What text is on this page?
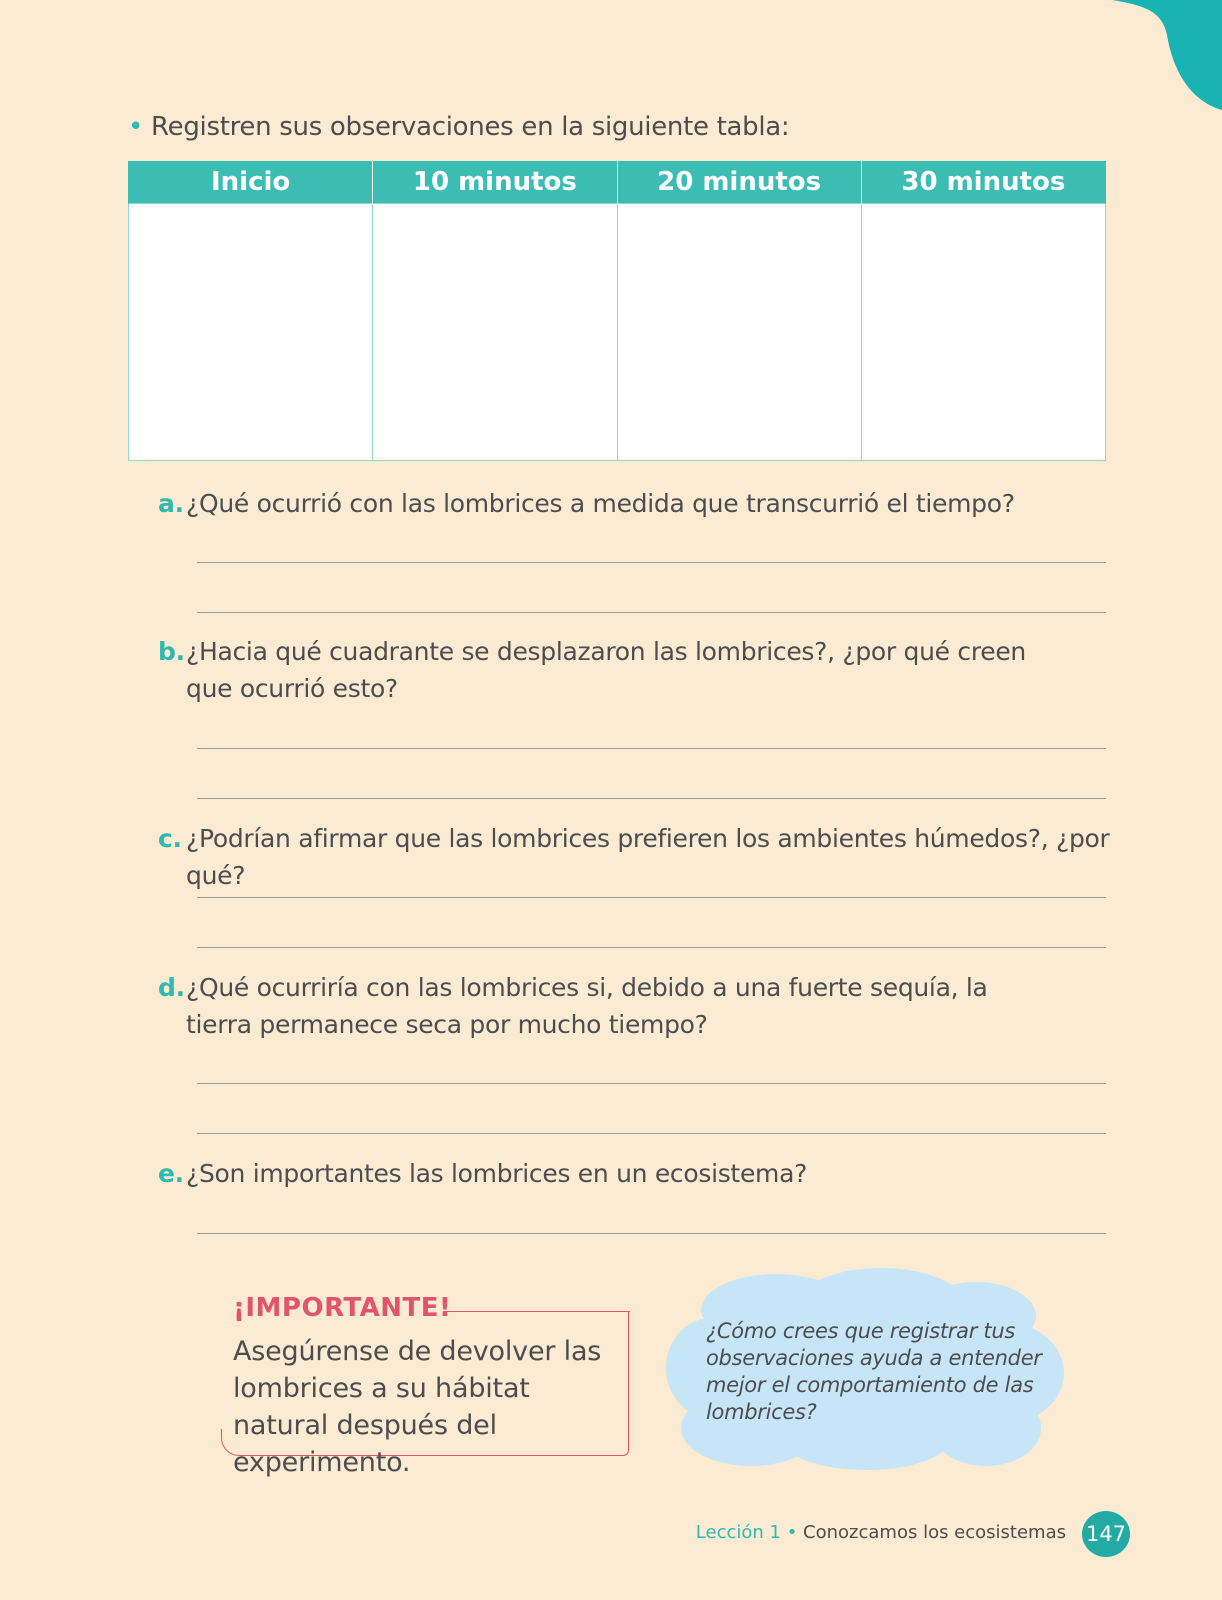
• Registren sus observaciones en la siguiente tabla:
Inicio	10 minutos	20 minutos	30 minutos

a. ¿Qué ocurrió con las lombrices a medida que transcurrió el tiempo?
b. ¿Hacia qué cuadrante se desplazaron las lombrices?, ¿por qué creen que ocurrió esto?
c. ¿Podrían afirmar que las lombrices prefieren los ambientes húmedos?, ¿por qué?
d. ¿Qué ocurriría con las lombrices si, debido a una fuerte sequía, la tierra permanece seca por mucho tiempo?
e. ¿Son importantes las lombrices en un ecosistema?
¡IMPORTANTE!
Asegúrense de devolver las lombrices a su hábitat natural después del experimento.
¿Cómo crees que registrar tus observaciones ayuda a entender mejor el comportamiento de las lombrices?
Lección 1 • Conozcamos los ecosistemas 147
